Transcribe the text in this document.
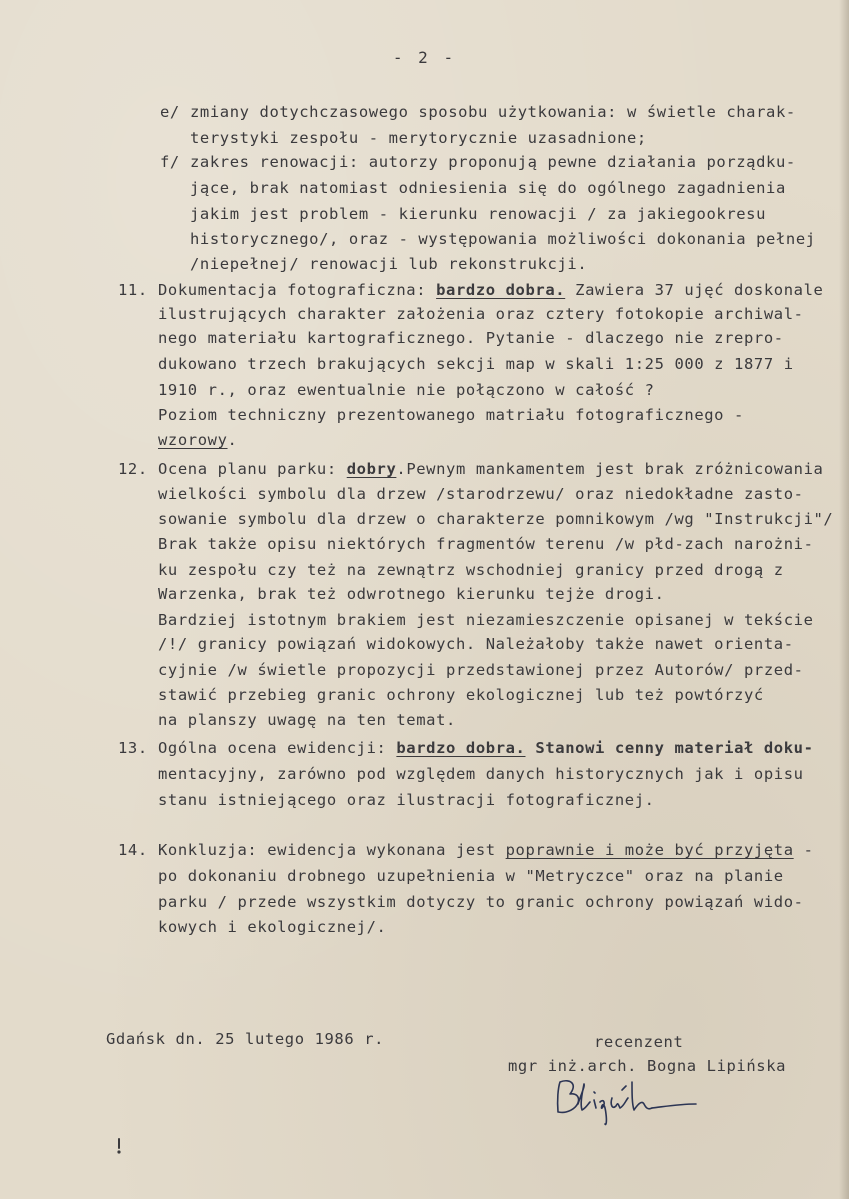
- 2 -
e/ zmiany dotychczasowego sposobu użytkowania: w świetle charak-
terystyki zespołu - merytorycznie uzasadnione;
f/ zakres renowacji: autorzy proponują pewne działania porządku-
jące, brak natomiast odniesienia się do ogólnego zagadnienia
jakim jest problem - kierunku renowacji / za jakiegookresu
historycznego/, oraz - występowania możliwości dokonania pełnej
/niepełnej/ renowacji lub rekonstrukcji.
11. Dokumentacja fotograficzna: bardzo dobra. Zawiera 37 ujęć doskonale
ilustrujących charakter założenia oraz cztery fotokopie archiwal-
nego materiału kartograficznego. Pytanie - dlaczego nie zrepro-
dukowano trzech brakujących sekcji map w skali 1:25 000 z 1877 i
1910 r., oraz ewentualnie nie połączono w całość ?
Poziom techniczny prezentowanego matriału fotograficznego -
wzorowy.
12. Ocena planu parku: dobry.Pewnym mankamentem jest brak zróżnicowania
wielkości symbolu dla drzew /starodrzewu/ oraz niedokładne zasto-
sowanie symbolu dla drzew o charakterze pomnikowym /wg "Instrukcji"/
Brak także opisu niektórych fragmentów terenu /w płd-zach narożni-
ku zespołu czy też na zewnątrz wschodniej granicy przed drogą z
Warzenka, brak też odwrotnego kierunku tejże drogi.
Bardziej istotnym brakiem jest niezamieszczenie opisanej w tekście
/!/ granicy powiązań widokowych. Należałoby także nawet orienta-
cyjnie /w świetle propozycji przedstawionej przez Autorów/ przed-
stawić przebieg granic ochrony ekologicznej lub też powtórzyć
na planszy uwagę na ten temat.
13. Ogólna ocena ewidencji: bardzo dobra. Stanowi cenny materiał doku-
mentacyjny, zarówno pod względem danych historycznych jak i opisu
stanu istniejącego oraz ilustracji fotograficznej.
14. Konkluzja: ewidencja wykonana jest poprawnie i może być przyjęta -
po dokonaniu drobnego uzupełnienia w "Metryczce" oraz na planie
parku / przede wszystkim dotyczy to granic ochrony powiązań wido-
kowych i ekologicznej/.
Gdańsk dn. 25 lutego 1986 r.	recenzent
mgr inż.arch. Bogna Lipińska
